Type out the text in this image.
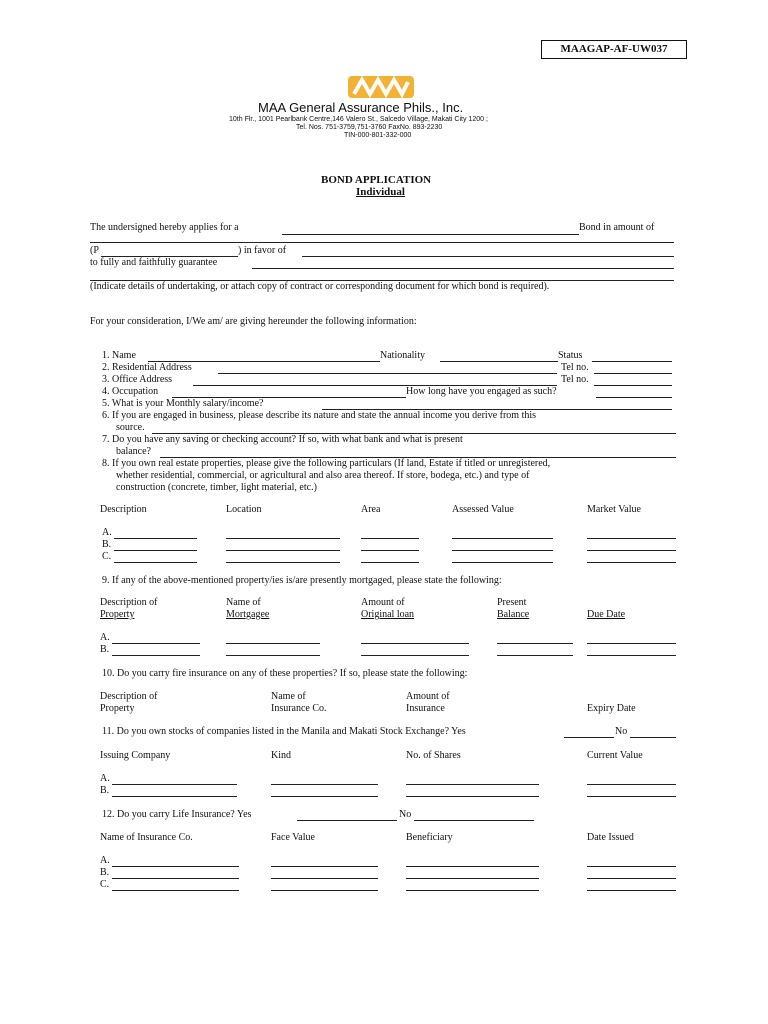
MAAGAP-AF-UW037
MAA General Assurance Phils., Inc.
10th Flr., 1001 Pearlbank Centre,146 Valero St., Salcedo Village, Makati City 1200 ;
Tel. Nos. 751-3759,751-3760 FaxNo. 893-2230
TIN-000-801-332-000
BOND APPLICATION
Individual
The undersigned hereby applies for a	Bond in amount of
(P	) in favor of
to fully and faithfully guarantee
(Indicate details of undertaking, or attach copy of contract or corresponding document for which bond is required).
For your consideration, I/We am/ are giving hereunder the following information:
1. Name	Nationality	Status
2. Residential Address	Tel no.
3. Office Address	Tel no.
4. Occupation	How long have you engaged as such?
5. What is your Monthly salary/income?
6. If you are engaged in business, please describe its nature and state the annual income you derive from this
source.
7. Do you have any saving or checking account? If so, with what bank and what is present
balance?
8. If you own real estate properties, please give the following particulars (If land, Estate if titled or unregistered,
whether residential, commercial, or agricultural and also area thereof. If store, bodega, etc.) and type of
construction (concrete, timber, light material, etc.)
Description	Location	Area	Assessed Value	Market Value
A.
B.
C.
9. If any of the above-mentioned property/ies is/are presently mortgaged, please state the following:
Description of
Property
Name of
Mortgagee
Amount of
Original loan
Present
Balance	Due Date
A.
B.
10. Do you carry fire insurance on any of these properties? If so, please state the following:
Description of
Property
Name of
Insurance Co.
Amount of
Insurance	Expiry Date
11. Do you own stocks of companies listed in the Manila and Makati Stock Exchange? Yes	No
Issuing Company	Kind	No. of Shares	Current Value
A.
B.
12. Do you carry Life Insurance? Yes	No
Name of Insurance Co.	Face Value	Beneficiary	Date Issued
A.
B.
C.
